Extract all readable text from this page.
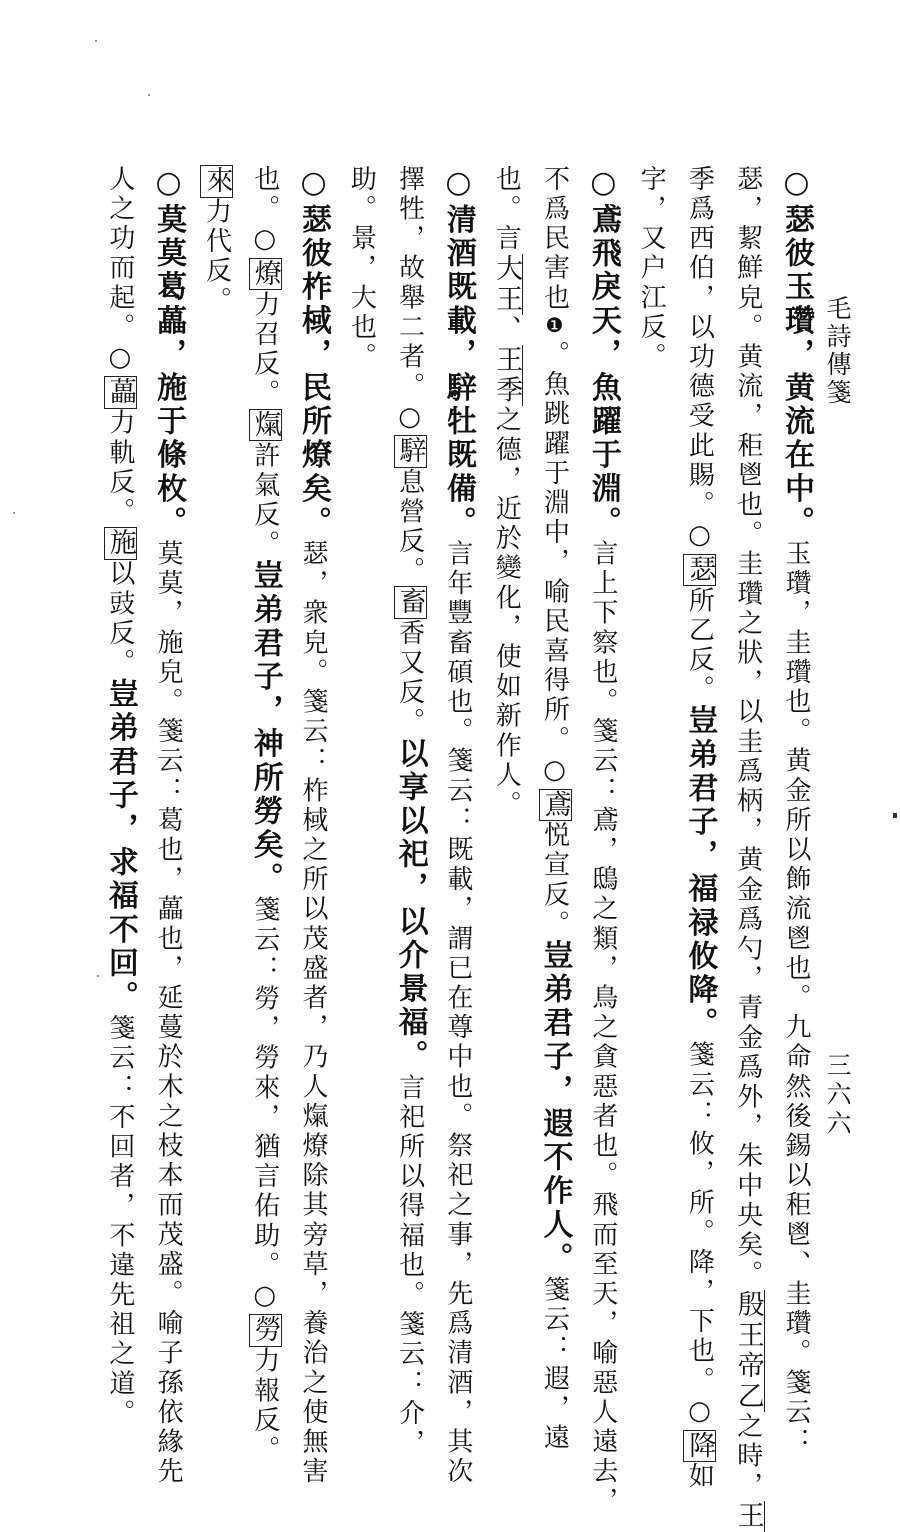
毛詩傳箋
三六六
○瑟彼玉瓚，黄流在中。玉瓚，圭瓚也。黄金所以飾流鬯也。九命然後錫以秬鬯、圭瓚。箋云：
瑟，絜鮮皃。黄流，秬鬯也。圭瓚之狀，以圭爲柄，黄金爲勺，青金爲外，朱中央矣。殷王帝乙之時，王
季爲西伯，以功德受此賜。○瑟所乙反。豈弟君子，福禄攸降。箋云：攸，所。降，下也。○降如
字，又户江反。
○鳶飛戾天，魚躍于淵。言上下察也。箋云：鳶，鴟之類，鳥之貪惡者也。飛而至天，喻惡人遠去，
不爲民害也❶。魚跳躍于淵中，喻民喜得所。○鳶悦宣反。豈弟君子，遐不作人。箋云：遐，遠
也。言大王、王季之德，近於變化，使如新作人。
○清酒既載，騂牡既備。言年豐畜碩也。箋云：既載，謂已在尊中也。祭祀之事，先爲清酒，其次
擇牲，故舉二者。○騂息營反。畜香又反。以享以祀，以介景福。言祀所以得福也。箋云：介，
助。景，大也。
○瑟彼柞棫，民所燎矣。瑟，衆皃。箋云：柞棫之所以茂盛者，乃人熂燎除其旁草，養治之使無害
也。○燎力召反。熂許氣反。豈弟君子，神所勞矣。箋云：勞，勞來，猶言佑助。○勞力報反。
來力代反。
○莫莫葛藟，施于條枚。莫莫，施皃。箋云：葛也，藟也，延蔓於木之枝本而茂盛。喻子孫依緣先
人之功而起。○藟力軌反。施以豉反。豈弟君子，求福不回。箋云：不回者，不違先祖之道。
